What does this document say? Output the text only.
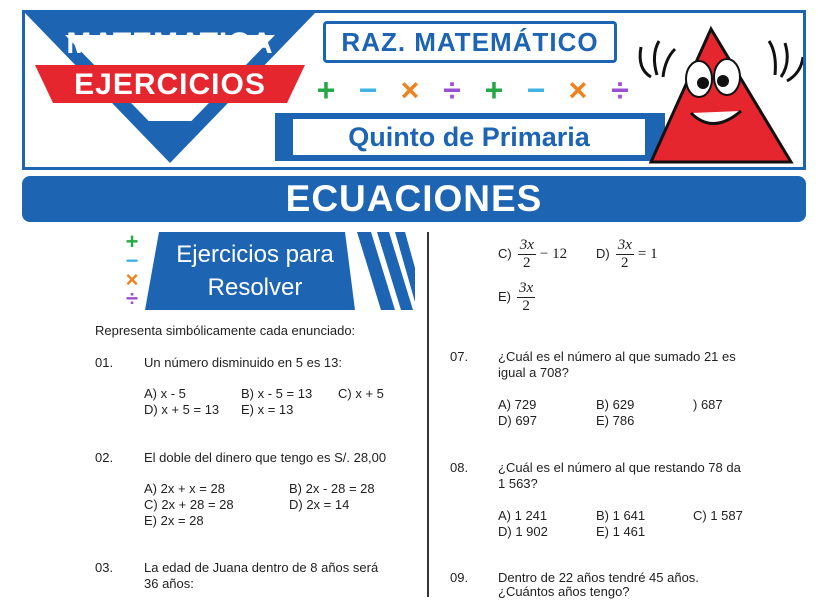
MATEMATICA
EJERCICIOS
RAZ. MATEMÁTICO
+ − × ÷ + − × ÷
Quinto de Primaria
ECUACIONES
+
−
×
÷
Ejercicios para
Resolver
Representa simbólicamente cada enunciado:
01. Un número disminuido en 5 es 13:
A) x - 5	B) x - 5 = 13 C) x + 5
D) x + 5 = 13 E) x = 13
02. El doble del dinero que tengo es S/. 28,00
A) 2x + x = 28	B) 2x - 28 = 28
C) 2x + 28 = 28	D) 2x = 14
E) 2x = 28
03. La edad de Juana dentro de 8 años será
36 años:
$C) \frac{3x}{2} - 12$ $D) \frac{3x}{2} = 1$
$E) \frac{3x}{2}$
07. ¿Cuál es el número al que sumado 21 es
igual a 708?
A) 729	B) 629	) 687
D) 697	E) 786
08. ¿Cuál es el número al que restando 78 da
1 563?
A) 1 241	B) 1 641	C) 1 587
D) 1 902	E) 1 461
09. Dentro de 22 años tendré 45 años.
¿Cuántos años tengo?
